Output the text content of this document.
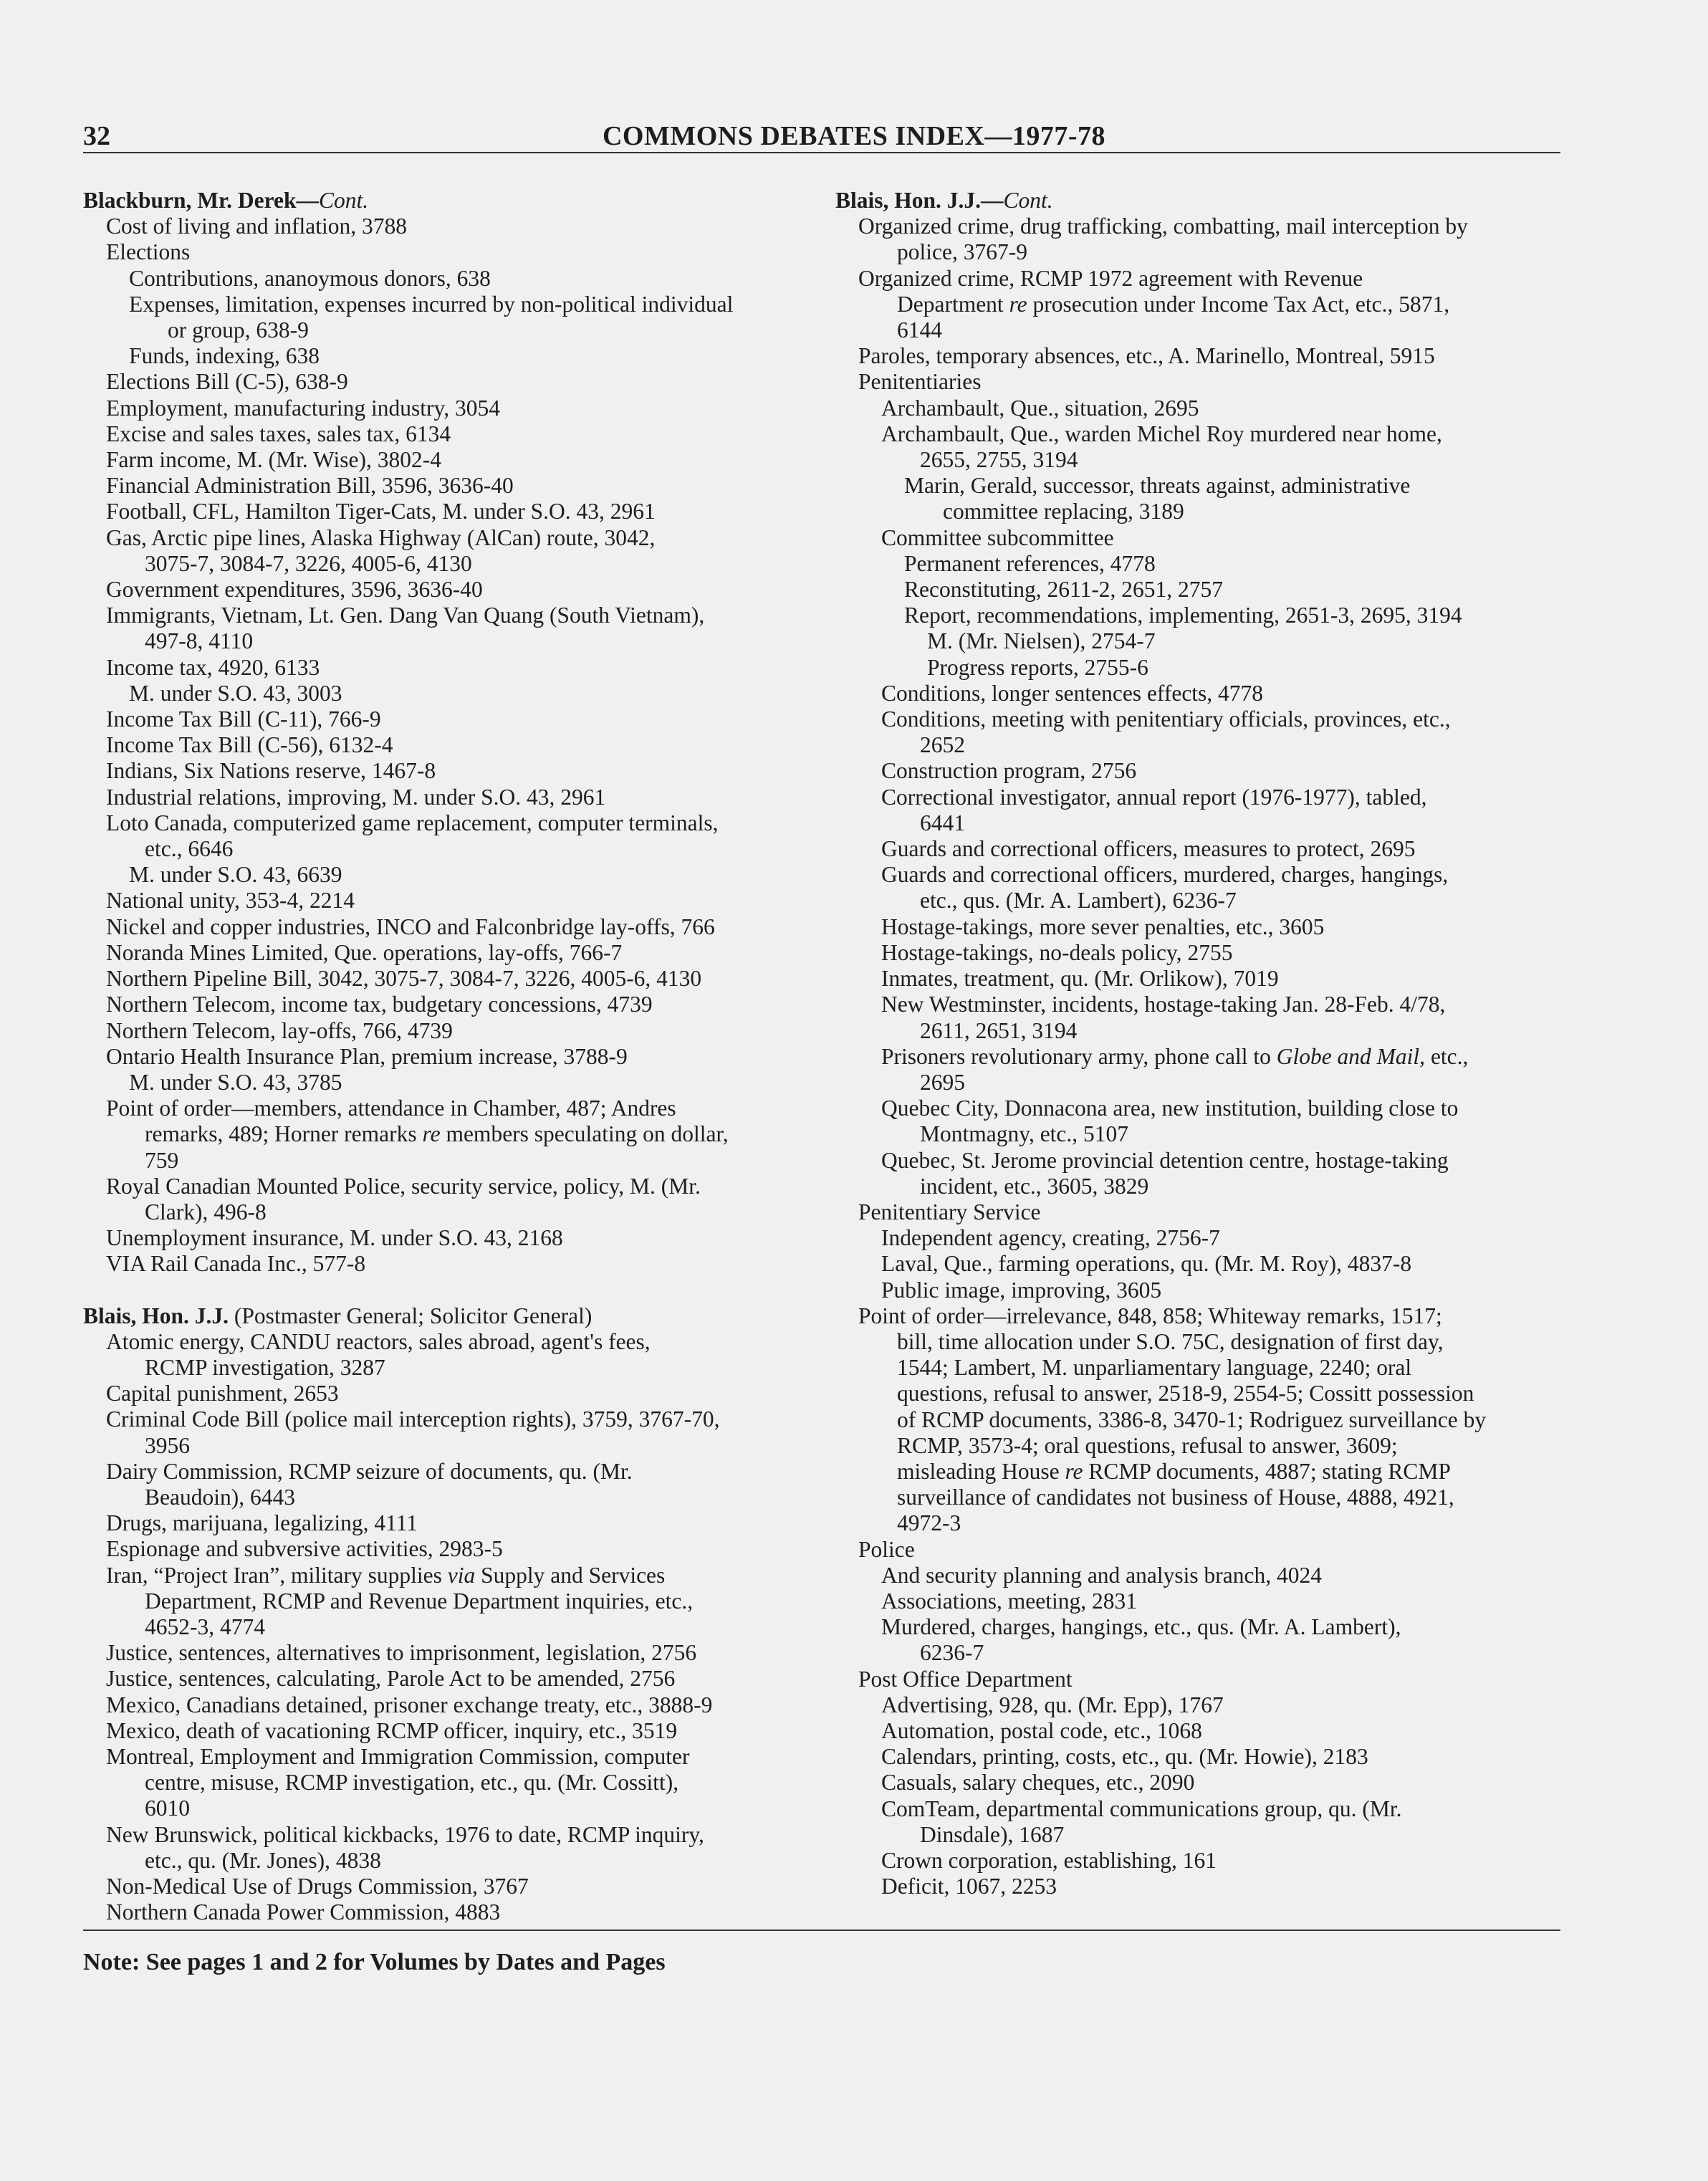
32	COMMONS DEBATES INDEX—1977-78
Blackburn, Mr. Derek—Cont.
Cost of living and inflation, 3788
Elections
Contributions, ananoymous donors, 638
Expenses, limitation, expenses incurred by non-political individual
or group, 638-9
Funds, indexing, 638
Elections Bill (C-5), 638-9
Employment, manufacturing industry, 3054
Excise and sales taxes, sales tax, 6134
Farm income, M. (Mr. Wise), 3802-4
Financial Administration Bill, 3596, 3636-40
Football, CFL, Hamilton Tiger-Cats, M. under S.O. 43, 2961
Gas, Arctic pipe lines, Alaska Highway (AlCan) route, 3042,
3075-7, 3084-7, 3226, 4005-6, 4130
Government expenditures, 3596, 3636-40
Immigrants, Vietnam, Lt. Gen. Dang Van Quang (South Vietnam),
497-8, 4110
Income tax, 4920, 6133
M. under S.O. 43, 3003
Income Tax Bill (C-11), 766-9
Income Tax Bill (C-56), 6132-4
Indians, Six Nations reserve, 1467-8
Industrial relations, improving, M. under S.O. 43, 2961
Loto Canada, computerized game replacement, computer terminals,
etc., 6646
M. under S.O. 43, 6639
National unity, 353-4, 2214
Nickel and copper industries, INCO and Falconbridge lay-offs, 766
Noranda Mines Limited, Que. operations, lay-offs, 766-7
Northern Pipeline Bill, 3042, 3075-7, 3084-7, 3226, 4005-6, 4130
Northern Telecom, income tax, budgetary concessions, 4739
Northern Telecom, lay-offs, 766, 4739
Ontario Health Insurance Plan, premium increase, 3788-9
M. under S.O. 43, 3785
Point of order—members, attendance in Chamber, 487; Andres
remarks, 489; Horner remarks re members speculating on dollar,
759
Royal Canadian Mounted Police, security service, policy, M. (Mr.
Clark), 496-8
Unemployment insurance, M. under S.O. 43, 2168
VIA Rail Canada Inc., 577-8
Blais, Hon. J.J. (Postmaster General; Solicitor General)
Atomic energy, CANDU reactors, sales abroad, agent's fees,
RCMP investigation, 3287
Capital punishment, 2653
Criminal Code Bill (police mail interception rights), 3759, 3767-70,
3956
Dairy Commission, RCMP seizure of documents, qu. (Mr.
Beaudoin), 6443
Drugs, marijuana, legalizing, 4111
Espionage and subversive activities, 2983-5
Iran, “Project Iran”, military supplies via Supply and Services
Department, RCMP and Revenue Department inquiries, etc.,
4652-3, 4774
Justice, sentences, alternatives to imprisonment, legislation, 2756
Justice, sentences, calculating, Parole Act to be amended, 2756
Mexico, Canadians detained, prisoner exchange treaty, etc., 3888-9
Mexico, death of vacationing RCMP officer, inquiry, etc., 3519
Montreal, Employment and Immigration Commission, computer
centre, misuse, RCMP investigation, etc., qu. (Mr. Cossitt),
6010
New Brunswick, political kickbacks, 1976 to date, RCMP inquiry,
etc., qu. (Mr. Jones), 4838
Non-Medical Use of Drugs Commission, 3767
Northern Canada Power Commission, 4883
Blais, Hon. J.J.—Cont.
Organized crime, drug trafficking, combatting, mail interception by
police, 3767-9
Organized crime, RCMP 1972 agreement with Revenue
Department re prosecution under Income Tax Act, etc., 5871,
6144
Paroles, temporary absences, etc., A. Marinello, Montreal, 5915
Penitentiaries
Archambault, Que., situation, 2695
Archambault, Que., warden Michel Roy murdered near home,
2655, 2755, 3194
Marin, Gerald, successor, threats against, administrative
committee replacing, 3189
Committee subcommittee
Permanent references, 4778
Reconstituting, 2611-2, 2651, 2757
Report, recommendations, implementing, 2651-3, 2695, 3194
M. (Mr. Nielsen), 2754-7
Progress reports, 2755-6
Conditions, longer sentences effects, 4778
Conditions, meeting with penitentiary officials, provinces, etc.,
2652
Construction program, 2756
Correctional investigator, annual report (1976-1977), tabled,
6441
Guards and correctional officers, measures to protect, 2695
Guards and correctional officers, murdered, charges, hangings,
etc., qus. (Mr. A. Lambert), 6236-7
Hostage-takings, more sever penalties, etc., 3605
Hostage-takings, no-deals policy, 2755
Inmates, treatment, qu. (Mr. Orlikow), 7019
New Westminster, incidents, hostage-taking Jan. 28-Feb. 4/78,
2611, 2651, 3194
Prisoners revolutionary army, phone call to Globe and Mail, etc.,
2695
Quebec City, Donnacona area, new institution, building close to
Montmagny, etc., 5107
Quebec, St. Jerome provincial detention centre, hostage-taking
incident, etc., 3605, 3829
Penitentiary Service
Independent agency, creating, 2756-7
Laval, Que., farming operations, qu. (Mr. M. Roy), 4837-8
Public image, improving, 3605
Point of order—irrelevance, 848, 858; Whiteway remarks, 1517;
bill, time allocation under S.O. 75C, designation of first day,
1544; Lambert, M. unparliamentary language, 2240; oral
questions, refusal to answer, 2518-9, 2554-5; Cossitt possession
of RCMP documents, 3386-8, 3470-1; Rodriguez surveillance by
RCMP, 3573-4; oral questions, refusal to answer, 3609;
misleading House re RCMP documents, 4887; stating RCMP
surveillance of candidates not business of House, 4888, 4921,
4972-3
Police
And security planning and analysis branch, 4024
Associations, meeting, 2831
Murdered, charges, hangings, etc., qus. (Mr. A. Lambert),
6236-7
Post Office Department
Advertising, 928, qu. (Mr. Epp), 1767
Automation, postal code, etc., 1068
Calendars, printing, costs, etc., qu. (Mr. Howie), 2183
Casuals, salary cheques, etc., 2090
ComTeam, departmental communications group, qu. (Mr.
Dinsdale), 1687
Crown corporation, establishing, 161
Deficit, 1067, 2253
Note: See pages 1 and 2 for Volumes by Dates and Pages
